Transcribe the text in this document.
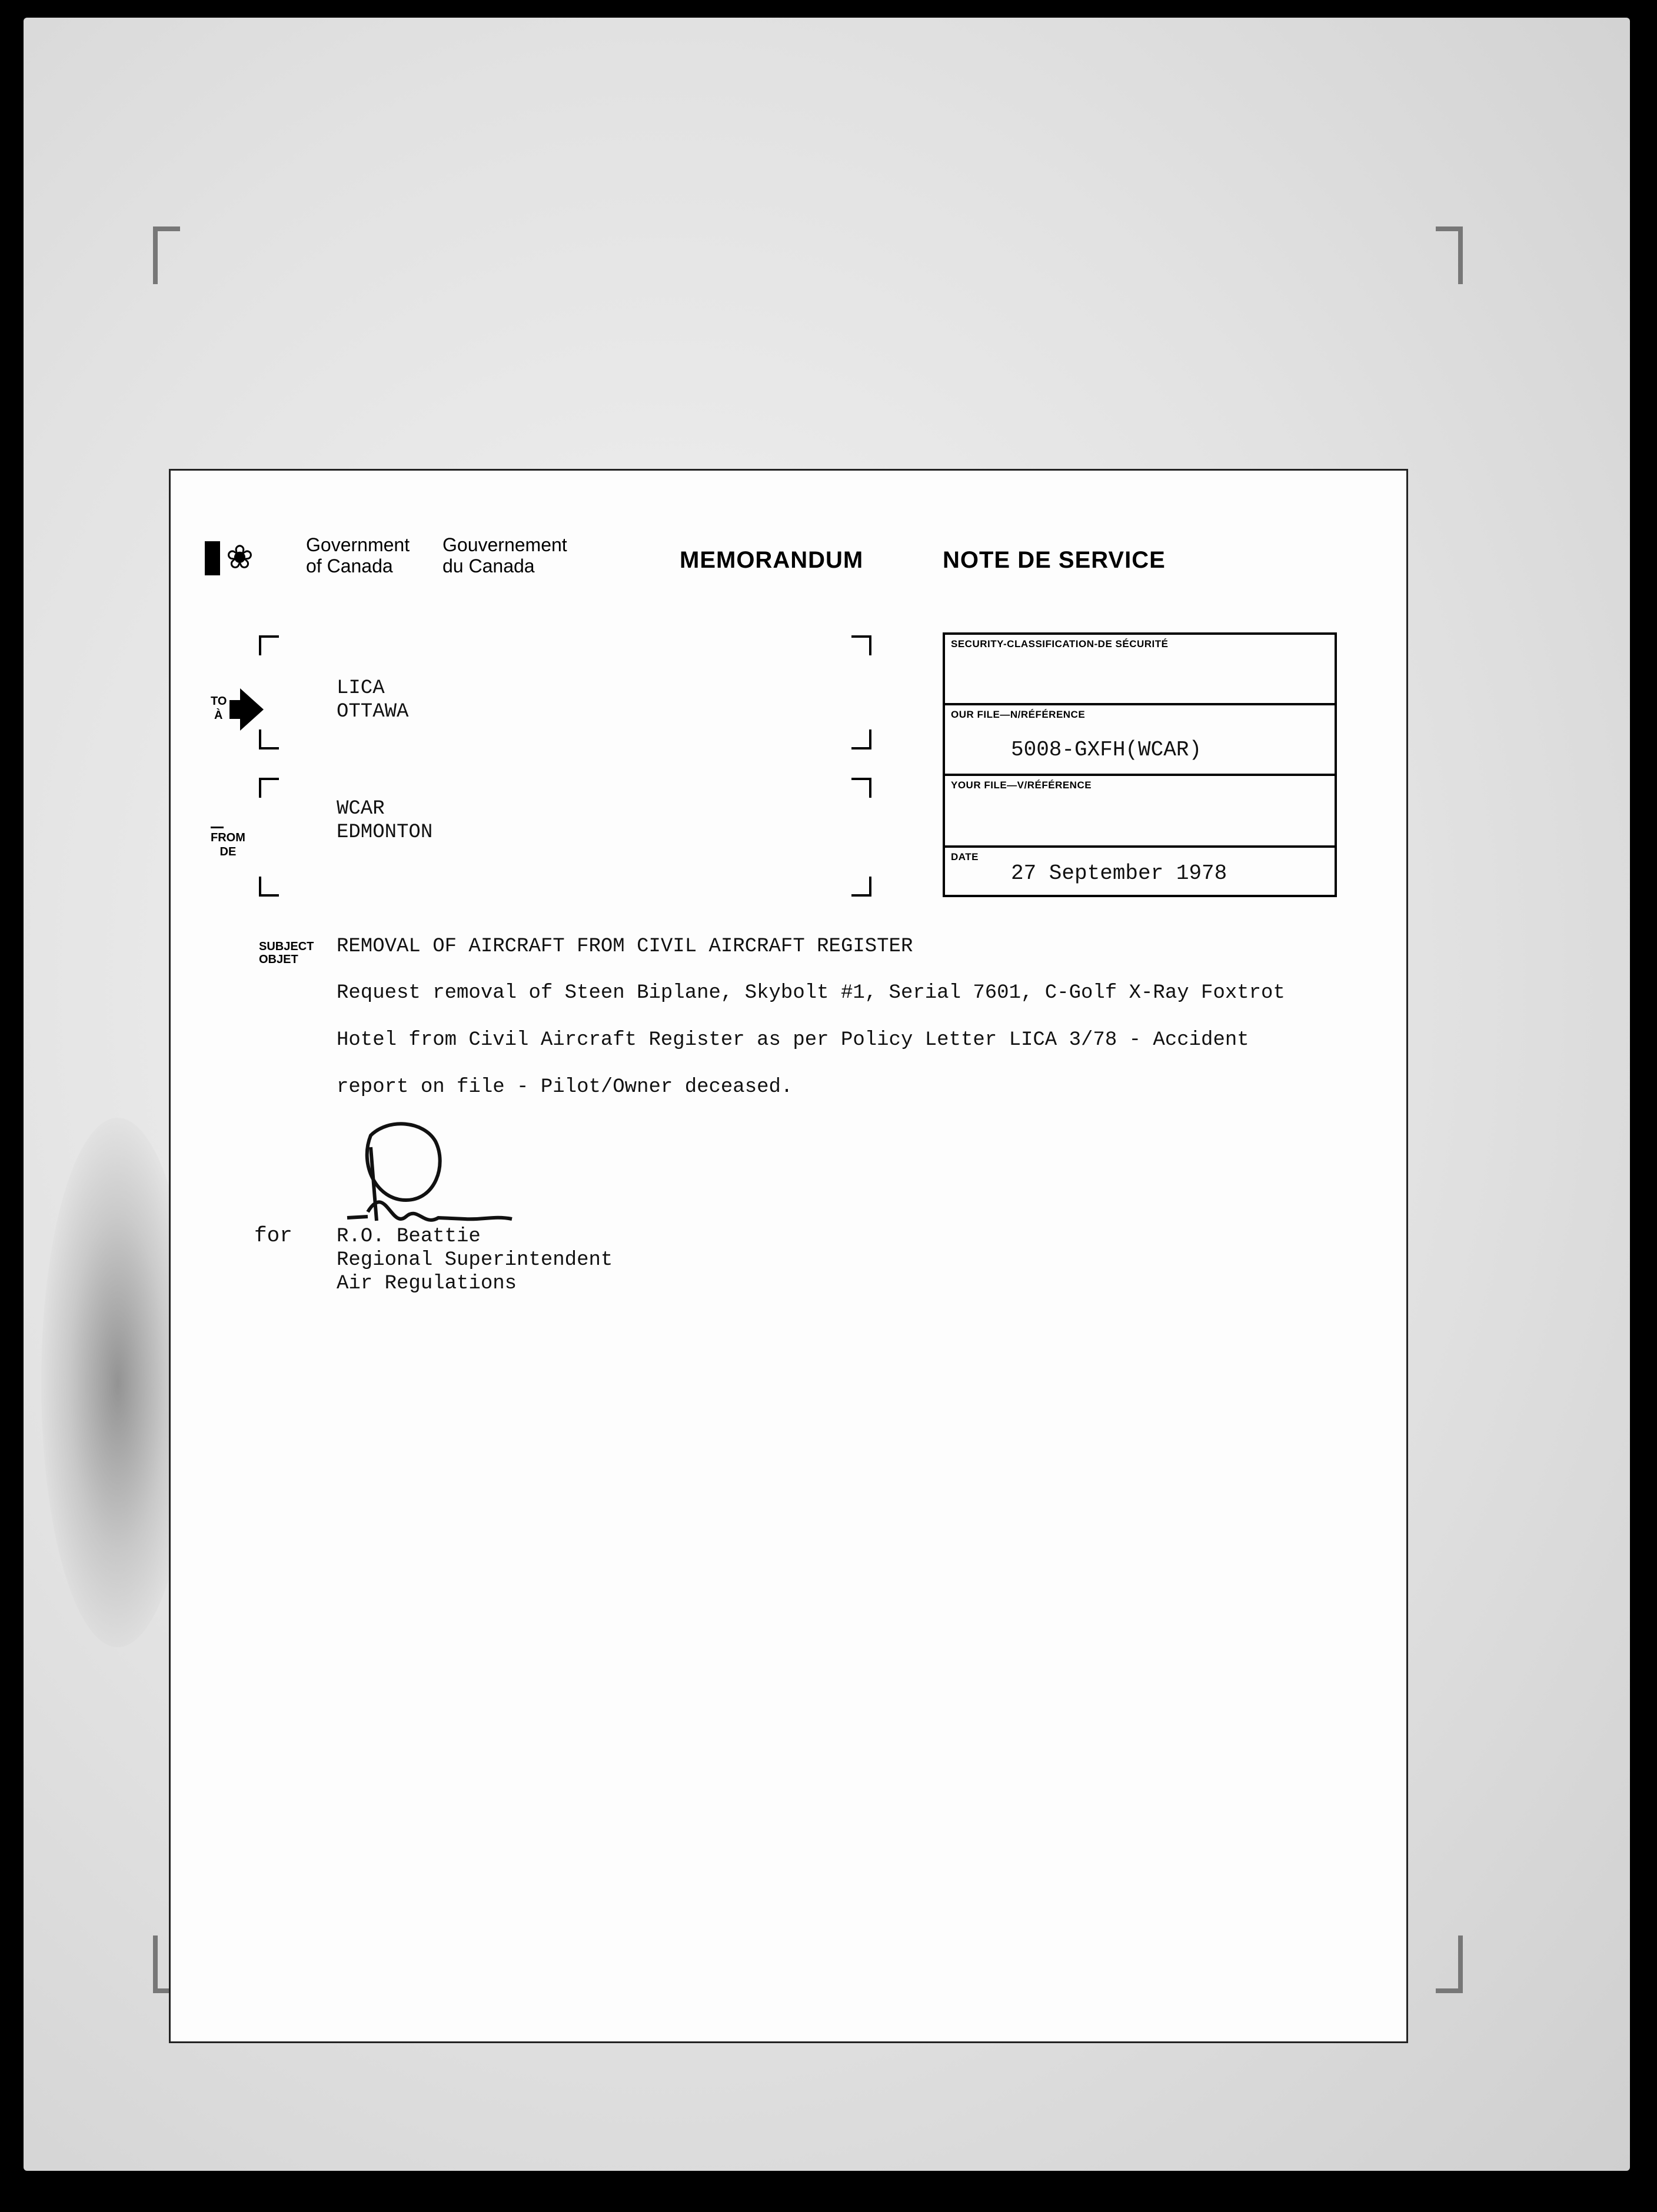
❀	Government
of Canada
Gouvernement
du Canada	MEMORANDUM	NOTE DE SERVICE
TO
À
LICA
OTTAWA
FROM
DE
WCAR
EDMONTON
SECURITY-CLASSIFICATION-DE SÉCURITÉ
OUR FILE—N/RÉFÉRENCE
5008-GXFH(WCAR)
YOUR FILE—V/RÉFÉRENCE
DATE
27 September 1978
SUBJECT
OBJET
REMOVAL OF AIRCRAFT FROM CIVIL AIRCRAFT REGISTER
Request removal of Steen Biplane, Skybolt #1, Serial 7601, C-Golf X-Ray Foxtrot
Hotel from Civil Aircraft Register as per Policy Letter LICA 3/78 - Accident
report on file - Pilot/Owner deceased.
for R.O. Beattie
Regional Superintendent
Air Regulations
